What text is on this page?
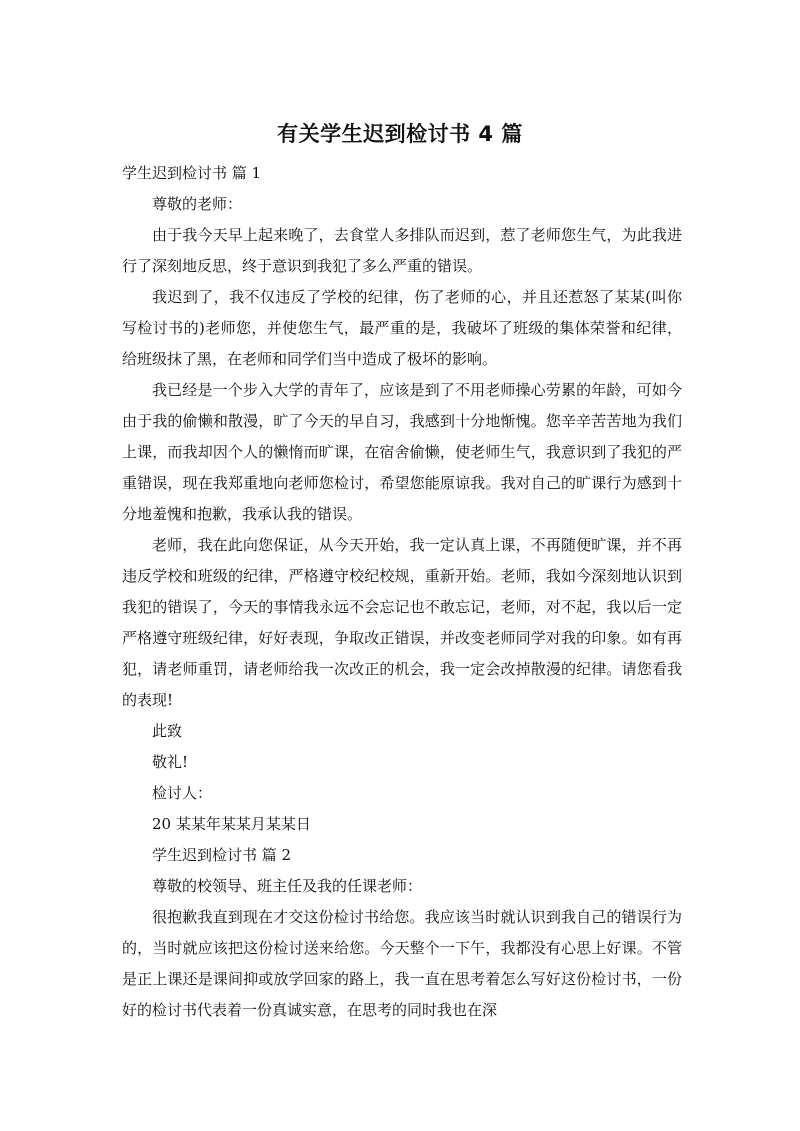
有关学生迟到检讨书 4 篇

学生迟到检讨书 篇 1

尊敬的老师：

由于我今天早上起来晚了，去食堂人多排队而迟到，惹了老师您生气，为此我进行了深刻地反思，终于意识到我犯了多么严重的错误。

我迟到了，我不仅违反了学校的纪律，伤了老师的心，并且还惹怒了某某(叫你写检讨书的)老师您，并使您生气，最严重的是，我破坏了班级的集体荣誉和纪律，给班级抹了黑，在老师和同学们当中造成了极坏的影响。

我已经是一个步入大学的青年了，应该是到了不用老师操心劳累的年龄，可如今由于我的偷懒和散漫，旷了今天的早自习，我感到十分地惭愧。您辛辛苦苦地为我们上课，而我却因个人的懒惰而旷课，在宿舍偷懒，使老师生气，我意识到了我犯的严重错误，现在我郑重地向老师您检讨，希望您能原谅我。我对自己的旷课行为感到十分地羞愧和抱歉，我承认我的错误。

老师，我在此向您保证，从今天开始，我一定认真上课，不再随便旷课，并不再违反学校和班级的纪律，严格遵守校纪校规，重新开始。老师，我如今深刻地认识到我犯的错误了，今天的事情我永远不会忘记也不敢忘记，老师，对不起，我以后一定严格遵守班级纪律，好好表现，争取改正错误，并改变老师同学对我的印象。如有再犯，请老师重罚，请老师给我一次改正的机会，我一定会改掉散漫的纪律。请您看我的表现!

此致

敬礼!

检讨人：

20 某某年某某月某某日

学生迟到检讨书 篇 2

尊敬的校领导、班主任及我的任课老师：

很抱歉我直到现在才交这份检讨书给您。我应该当时就认识到我自己的错误行为的，当时就应该把这份检讨送来给您。今天整个一下午，我都没有心思上好课。不管是正上课还是课间抑或放学回家的路上，我一直在思考着怎么写好这份检讨书，一份好的检讨书代表着一份真诚实意，在思考的同时我也在深
